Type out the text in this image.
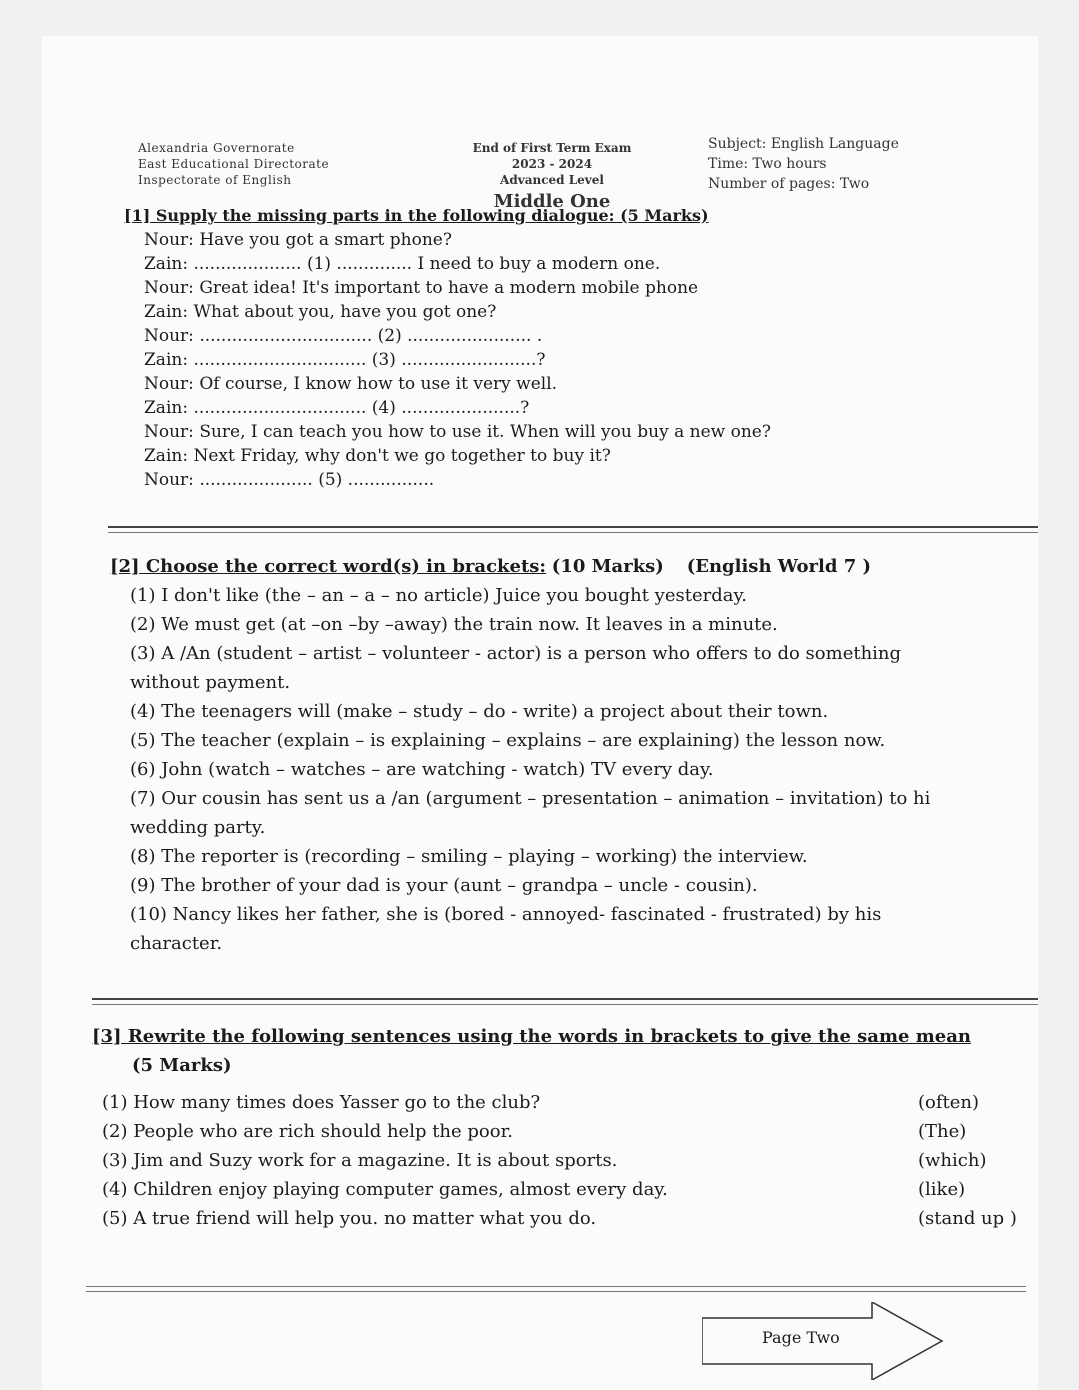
Alexandria Governorate
East Educational Directorate
Inspectorate of English
End of First Term Exam
2023 - 2024
Advanced Level
Middle One
Subject: English Language
Time: Two hours
Number of pages: Two
[1] Supply the missing parts in the following dialogue: (5 Marks)
Nour: Have you got a smart phone?
Zain: .................... (1) .............. I need to buy a modern one.
Nour: Great idea! It's important to have a modern mobile phone
Zain: What about you, have you got one?
Nour: ................................ (2) ....................... .
Zain: ................................ (3) .........................?
Nour: Of course, I know how to use it very well.
Zain: ................................ (4) ......................?
Nour: Sure, I can teach you how to use it. When will you buy a new one?
Zain: Next Friday, why don't we go together to buy it?
Nour: ..................... (5) ................
[2] Choose the correct word(s) in brackets: (10 Marks) (English World 7 )
(1) I don't like (the – an – a – no article) Juice you bought yesterday.
(2) We must get (at –on –by –away) the train now. It leaves in a minute.
(3) A /An (student – artist – volunteer - actor) is a person who offers to do something
without payment.
(4) The teenagers will (make – study – do - write) a project about their town.
(5) The teacher (explain – is explaining – explains – are explaining) the lesson now.
(6) John (watch – watches – are watching - watch) TV every day.
(7) Our cousin has sent us a /an (argument – presentation – animation – invitation) to hi
wedding party.
(8) The reporter is (recording – smiling – playing – working) the interview.
(9) The brother of your dad is your (aunt – grandpa – uncle - cousin).
(10) Nancy likes her father, she is (bored - annoyed- fascinated - frustrated) by his
character.
[3] Rewrite the following sentences using the words in brackets to give the same mean
(5 Marks)
(1) How many times does Yasser go to the club?	(often)
(2) People who are rich should help the poor.	(The)
(3) Jim and Suzy work for a magazine. It is about sports.	(which)
(4) Children enjoy playing computer games, almost every day.	(like)
(5) A true friend will help you. no matter what you do.	(stand up )
Page Two
